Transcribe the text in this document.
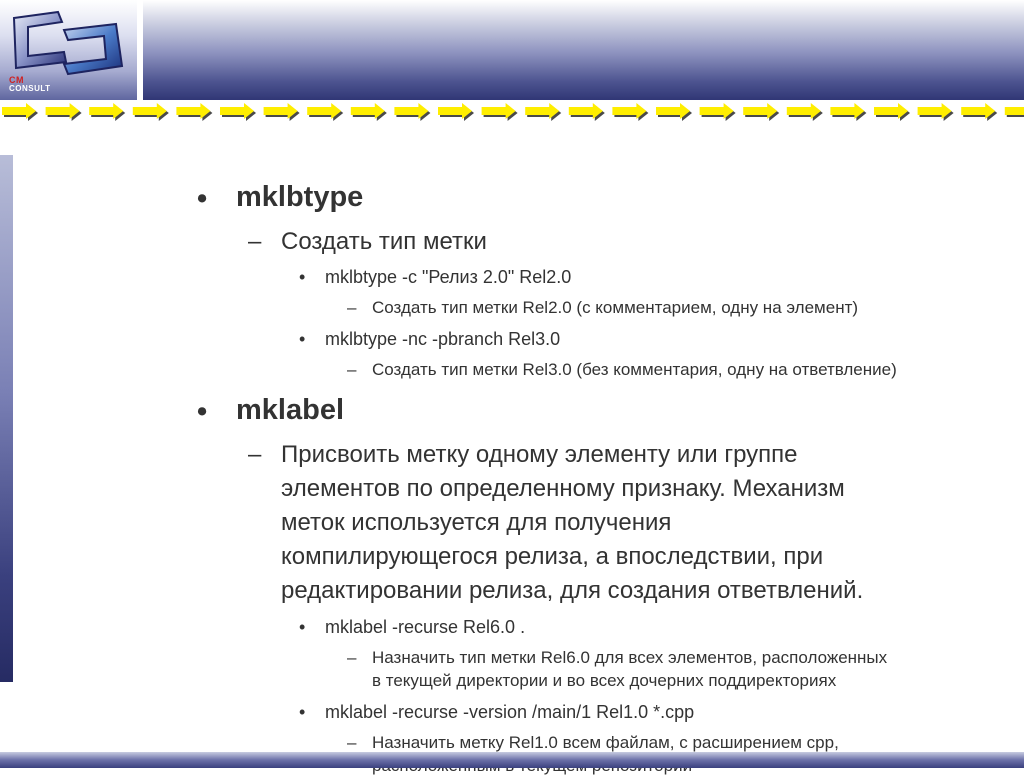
CM
CONSULT
• mklbtype
– Создать тип метки
• mklbtype -c "Релиз 2.0" Rel2.0
– Создать тип метки Rel2.0 (с комментарием, одну на элемент)
• mklbtype -nc -pbranch Rel3.0
– Создать тип метки Rel3.0 (без комментария, одну на ответвление)
• mklabel
– Присвоить метку одному элементу или группе
элементов по определенному признаку. Механизм
меток используется для получения
компилирующегося релиза, а впоследствии, при
редактировании релиза, для создания ответвлений.
• mklabel -recurse Rel6.0 .
– Назначить тип метки Rel6.0 для всех элементов, расположенных
в текущей директории и во всех дочерних поддиректориях
• mklabel -recurse -version /main/1 Rel1.0 *.cpp
– Назначить метку Rel1.0 всем файлам, с расширением cpp,
